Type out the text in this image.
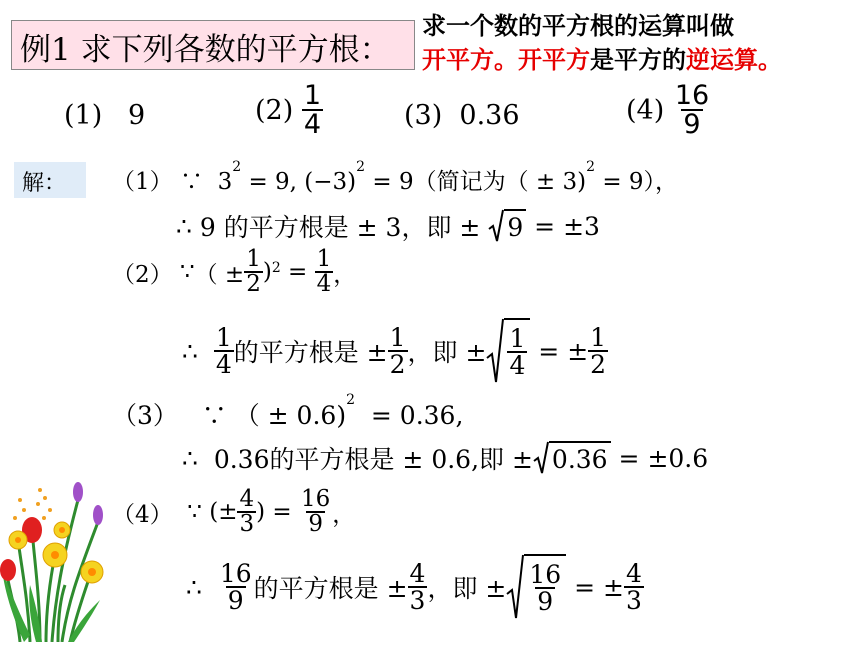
例1 求下列各数的平方根：
求一个数的平方根的运算叫做
开平方。开平方是平方的逆运算。
(1) 9	(2)
$\frac{1}{4}$	(3) 0.36	(4)
$\frac{16}{9}$
解： （1） ∵ $3^2 = 9$, $(-3)^2 = 9$（简记为（ ± 3)$^2$ = 9），
∴
9 的平方根是 ± 3，即 ±
9
= ±3
（2）
∵ （ ± $\frac{1}{2}$ ) 2
=
$\frac{1}{4}$ ，
∴
$\frac{1}{4}$ 的平方根是 ± $\frac{1}{2}$ ，即 ± $\frac{1}{4}$
= ± $\frac{1}{2}$
（3） ∵ （ ± 0.6)$^2$  = 0.36,
∴
0.36的平方根是 ± 0.6,即 ± 0.36
= ±0.6
（4）
∵
(± $\frac{4}{3}$ )
=
$\frac{16}{9}$ ，
∴
$\frac{16}{9}$ 的平方根是 ± $\frac{4}{3}$ ，即 ± $\frac{16}{9}$
= ± $\frac{4}{3}$
